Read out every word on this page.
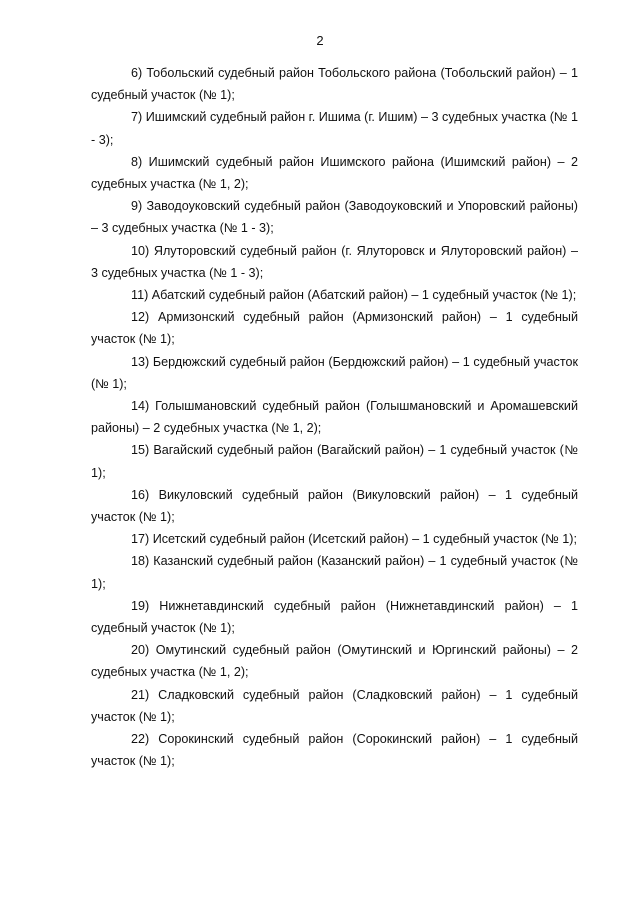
2

6) Тобольский судебный район Тобольского района (Тобольский район) – 1 судебный участок (№ 1);

7) Ишимский судебный район г. Ишима (г. Ишим) – 3 судебных участка (№ 1 - 3);

8) Ишимский судебный район Ишимского района (Ишимский район) – 2 судебных участка (№ 1, 2);

9) Заводоуковский судебный район (Заводоуковский и Упоровский районы) – 3 судебных участка (№ 1 - 3);

10) Ялуторовский судебный район (г. Ялуторовск и Ялуторовский район) – 3 судебных участка (№ 1 - 3);

11) Абатский судебный район (Абатский район) – 1 судебный участок (№ 1);

12) Армизонский судебный район (Армизонский район) – 1 судебный участок (№ 1);

13) Бердюжский судебный район (Бердюжский район) – 1 судебный участок (№ 1);

14) Голышмановский судебный район (Голышмановский и Аромашевский районы) – 2 судебных участка (№ 1, 2);

15) Вагайский судебный район (Вагайский район) – 1 судебный участок (№ 1);

16) Викуловский судебный район (Викуловский район) – 1 судебный участок (№ 1);

17) Исетский судебный район (Исетский район) – 1 судебный участок (№ 1);

18) Казанский судебный район (Казанский район) – 1 судебный участок (№ 1);

19) Нижнетавдинский судебный район (Нижнетавдинский район) – 1 судебный участок (№ 1);

20) Омутинский судебный район (Омутинский и Юргинский районы) – 2 судебных участка (№ 1, 2);

21) Сладковский судебный район (Сладковский район) – 1 судебный участок (№ 1);

22) Сорокинский судебный район (Сорокинский район) – 1 судебный участок (№ 1);
